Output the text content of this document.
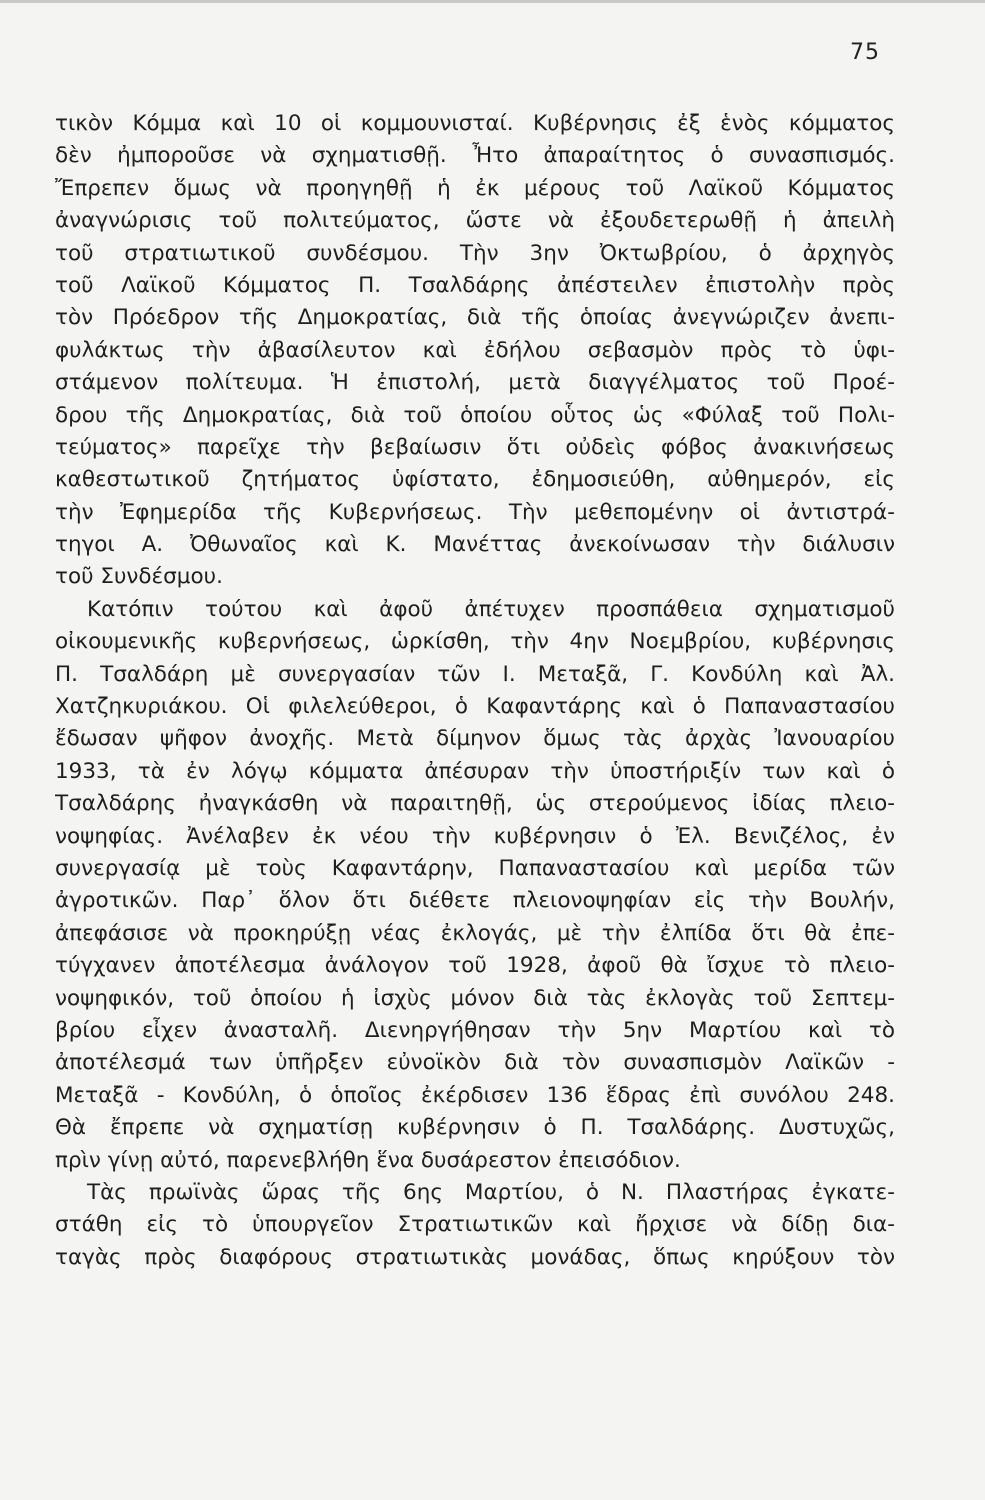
75
τικὸν Κόμμα καὶ 10 οἱ κομμουνισταί. Κυβέρνησις ἐξ ἑνὸς κόμματος
δὲν ἠμποροῦσε νὰ σχηματισθῇ. Ἦτο ἀπαραίτητος ὁ συνασπισμός.
Ἔπρεπεν ὅμως νὰ προηγηθῇ ἡ ἐκ μέρους τοῦ Λαϊκοῦ Κόμματος
ἀναγνώρισις τοῦ πολιτεύματος, ὥστε νὰ ἐξουδετερωθῇ ἡ ἀπειλὴ
τοῦ στρατιωτικοῦ συνδέσμου. Τὴν 3ην Ὀκτωβρίου, ὁ ἀρχηγὸς
τοῦ Λαϊκοῦ Κόμματος Π. Τσαλδάρης ἀπέστειλεν ἐπιστολὴν πρὸς
τὸν Πρόεδρον τῆς Δημοκρατίας, διὰ τῆς ὁποίας ἀνεγνώριζεν ἀνεπι-
φυλάκτως τὴν ἀβασίλευτον καὶ ἐδήλου σεβασμὸν πρὸς τὸ ὑφι-
στάμενον πολίτευμα. Ἡ ἐπιστολή, μετὰ διαγγέλματος τοῦ Προέ-
δρου τῆς Δημοκρατίας, διὰ τοῦ ὁποίου οὗτος ὡς «Φύλαξ τοῦ Πολι-
τεύματος» παρεῖχε τὴν βεβαίωσιν ὅτι οὐδεὶς φόβος ἀνακινήσεως
καθεστωτικοῦ ζητήματος ὑφίστατο, ἐδημοσιεύθη, αὐθημερόν, εἰς
τὴν Ἐφημερίδα τῆς Κυβερνήσεως. Τὴν μεθεπομένην οἱ ἀντιστρά-
τηγοι Α. Ὀθωναῖος καὶ Κ. Μανέττας ἀνεκοίνωσαν τὴν διάλυσιν
τοῦ Συνδέσμου.
Κατόπιν τούτου καὶ ἀφοῦ ἀπέτυχεν προσπάθεια σχηματισμοῦ
οἰκουμενικῆς κυβερνήσεως, ὡρκίσθη, τὴν 4ην Νοεμβρίου, κυβέρνησις
Π. Τσαλδάρη μὲ συνεργασίαν τῶν Ι. Μεταξᾶ, Γ. Κονδύλη καὶ Ἀλ.
Χατζηκυριάκου. Οἱ φιλελεύθεροι, ὁ Καφαντάρης καὶ ὁ Παπαναστασίου
ἔδωσαν ψῆφον ἀνοχῆς. Μετὰ δίμηνον ὅμως τὰς ἀρχὰς Ἰανουαρίου
1933, τὰ ἐν λόγῳ κόμματα ἀπέσυραν τὴν ὑποστήριξίν των καὶ ὁ
Τσαλδάρης ἠναγκάσθη νὰ παραιτηθῇ, ὡς στερούμενος ἰδίας πλειο-
νοψηφίας. Ἀνέλαβεν ἐκ νέου τὴν κυβέρνησιν ὁ Ἐλ. Βενιζέλος, ἐν
συνεργασίᾳ μὲ τοὺς Καφαντάρην, Παπαναστασίου καὶ μερίδα τῶν
ἀγροτικῶν. Παρ᾽ ὅλον ὅτι διέθετε πλειονοψηφίαν εἰς τὴν Βουλήν,
ἀπεφάσισε νὰ προκηρύξῃ νέας ἐκλογάς, μὲ τὴν ἐλπίδα ὅτι θὰ ἐπε-
τύγχανεν ἀποτέλεσμα ἀνάλογον τοῦ 1928, ἀφοῦ θὰ ἴσχυε τὸ πλειο-
νοψηφικόν, τοῦ ὁποίου ἡ ἰσχὺς μόνον διὰ τὰς ἐκλογὰς τοῦ Σεπτεμ-
βρίου εἶχεν ἀνασταλῆ. Διενηργήθησαν τὴν 5ην Μαρτίου καὶ τὸ
ἀποτέλεσμά των ὑπῆρξεν εὐνοϊκὸν διὰ τὸν συνασπισμὸν Λαϊκῶν -
Μεταξᾶ - Κονδύλη, ὁ ὁποῖος ἐκέρδισεν 136 ἕδρας ἐπὶ συνόλου 248.
Θὰ ἔπρεπε νὰ σχηματίσῃ κυβέρνησιν ὁ Π. Τσαλδάρης. Δυστυχῶς,
πρὶν γίνῃ αὐτό, παρενεβλήθη ἕνα δυσάρεστον ἐπεισόδιον.
Τὰς πρωϊνὰς ὥρας τῆς 6ης Μαρτίου, ὁ Ν. Πλαστήρας ἐγκατε-
στάθη εἰς τὸ ὑπουργεῖον Στρατιωτικῶν καὶ ἤρχισε νὰ δίδῃ δια-
ταγὰς πρὸς διαφόρους στρατιωτικὰς μονάδας, ὅπως κηρύξουν τὸν
